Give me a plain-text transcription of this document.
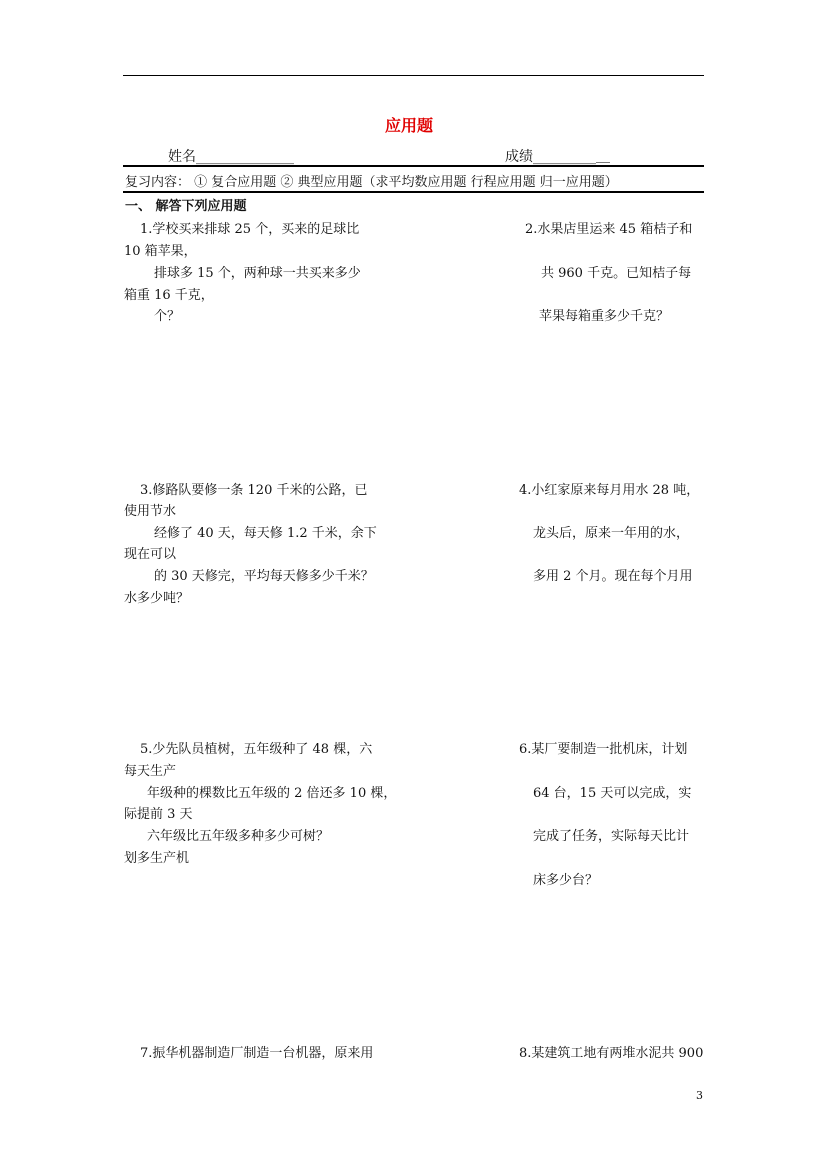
应用题
姓名______________	成绩_________＿
复习内容： ① 复合应用题 ② 典型应用题（求平均数应用题 行程应用题 归一应用题）
一、 解答下列应用题
1.学校买来排球 25 个，买来的足球比
10 箱苹果，
排球多 15 个，两种球一共买来多少
箱重 16 千克，
个？
2.水果店里运来 45 箱桔子和
共 960 千克。已知桔子每
苹果每箱重多少千克？
3.修路队要修一条 120 千米的公路，已
使用节水
经修了 40 天，每天修 1.2 千米，余下
现在可以
的 30 天修完，平均每天修多少千米？
水多少吨？
4.小红家原来每月用水 28 吨，
龙头后，原来一年用的水，
多用 2 个月。现在每个月用
5.少先队员植树，五年级种了 48 棵，六
每天生产
年级种的棵数比五年级的 2 倍还多 10 棵，
际提前 3 天
六年级比五年级多种多少可树？
划多生产机
6.某厂要制造一批机床，计划
64 台，15 天可以完成，实
完成了任务，实际每天比计
床多少台？
7.振华机器制造厂制造一台机器，原来用	8.某建筑工地有两堆水泥共 900
3
